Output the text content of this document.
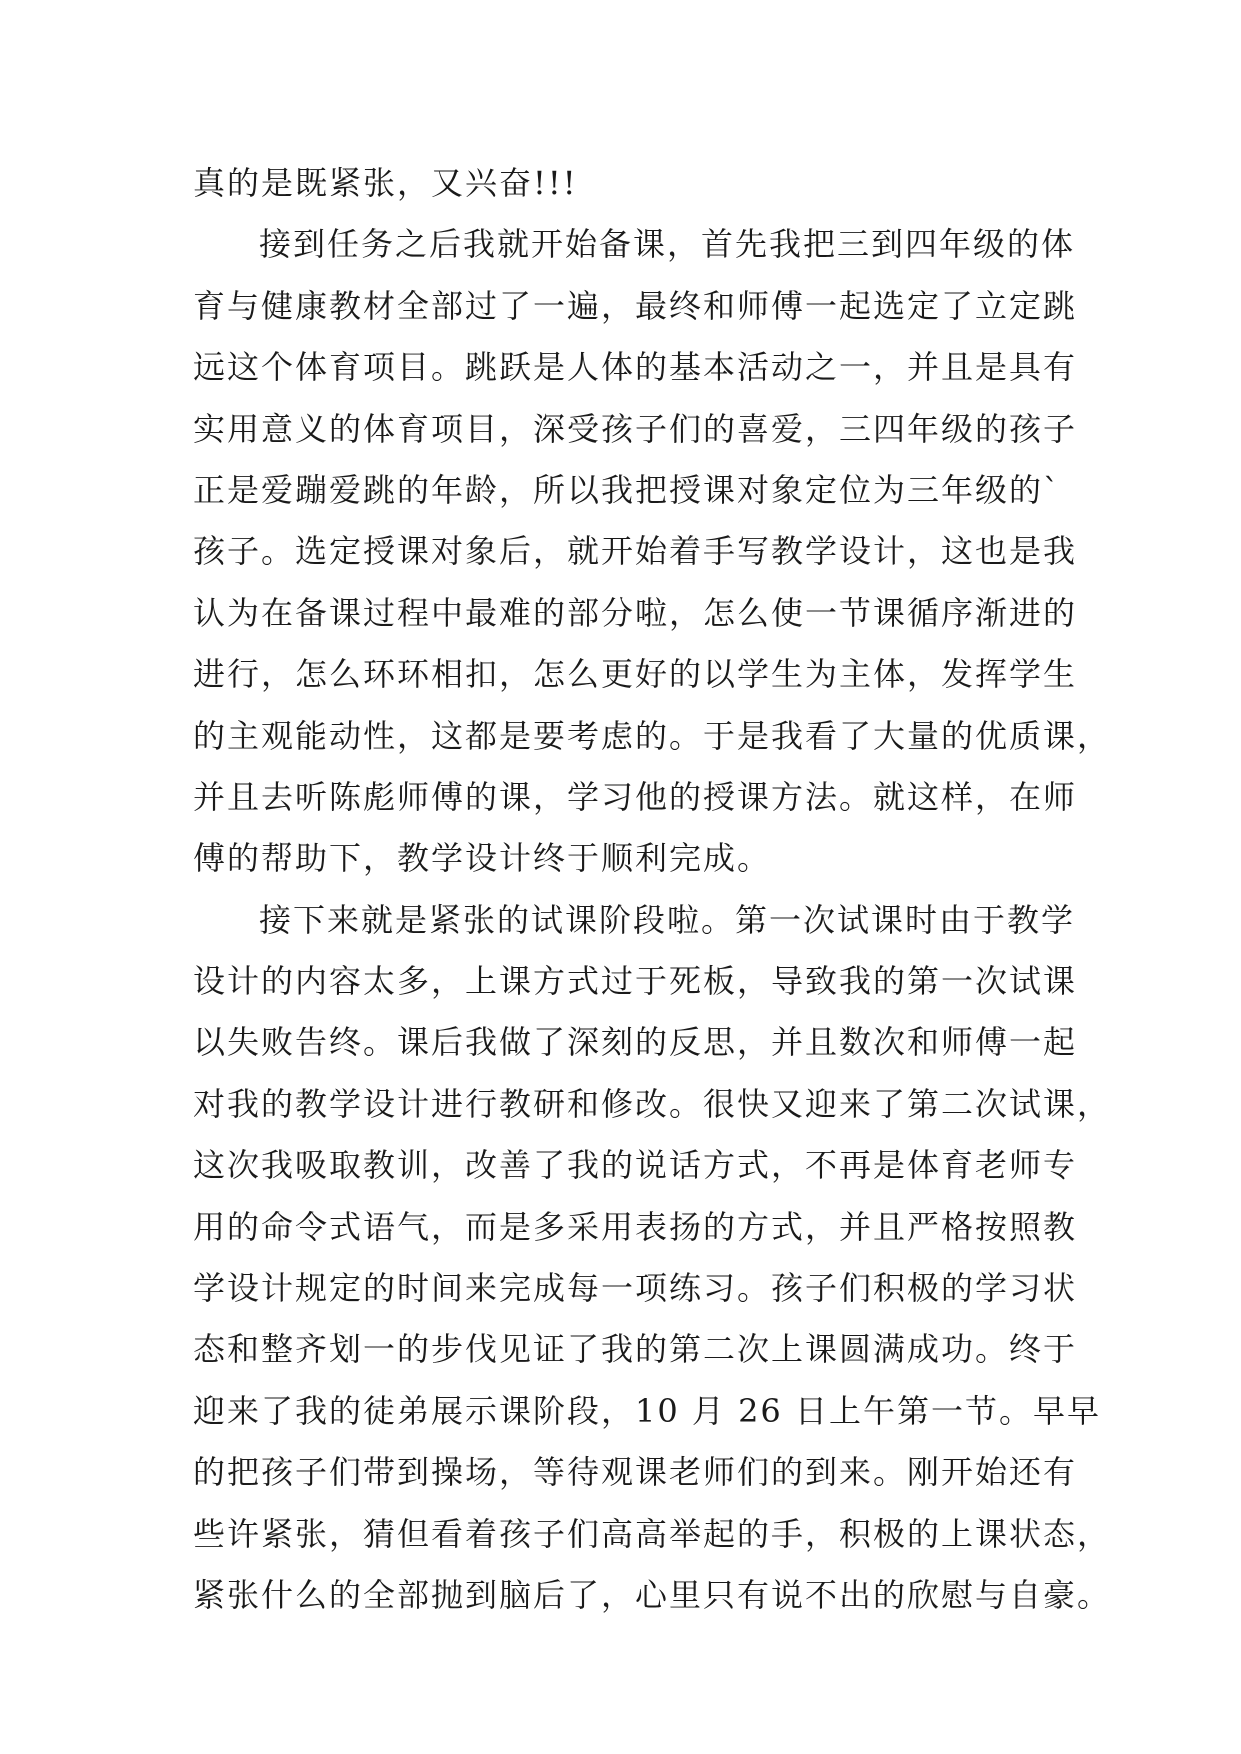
真的是既紧张，又兴奋!!!
接到任务之后我就开始备课，首先我把三到四年级的体
育与健康教材全部过了一遍，最终和师傅一起选定了立定跳
远这个体育项目。跳跃是人体的基本活动之一，并且是具有
实用意义的体育项目，深受孩子们的喜爱，三四年级的孩子
正是爱蹦爱跳的年龄，所以我把授课对象定位为三年级的`
孩子。选定授课对象后，就开始着手写教学设计，这也是我
认为在备课过程中最难的部分啦，怎么使一节课循序渐进的
进行，怎么环环相扣，怎么更好的以学生为主体，发挥学生
的主观能动性，这都是要考虑的。于是我看了大量的优质课，
并且去听陈彪师傅的课，学习他的授课方法。就这样，在师
傅的帮助下，教学设计终于顺利完成。
接下来就是紧张的试课阶段啦。第一次试课时由于教学
设计的内容太多，上课方式过于死板，导致我的第一次试课
以失败告终。课后我做了深刻的反思，并且数次和师傅一起
对我的教学设计进行教研和修改。很快又迎来了第二次试课，
这次我吸取教训，改善了我的说话方式，不再是体育老师专
用的命令式语气，而是多采用表扬的方式，并且严格按照教
学设计规定的时间来完成每一项练习。孩子们积极的学习状
态和整齐划一的步伐见证了我的第二次上课圆满成功。终于
迎来了我的徒弟展示课阶段，10 月 26 日上午第一节。早早
的把孩子们带到操场，等待观课老师们的到来。刚开始还有
些许紧张，猜但看着孩子们高高举起的手，积极的上课状态，
紧张什么的全部抛到脑后了，心里只有说不出的欣慰与自豪。
